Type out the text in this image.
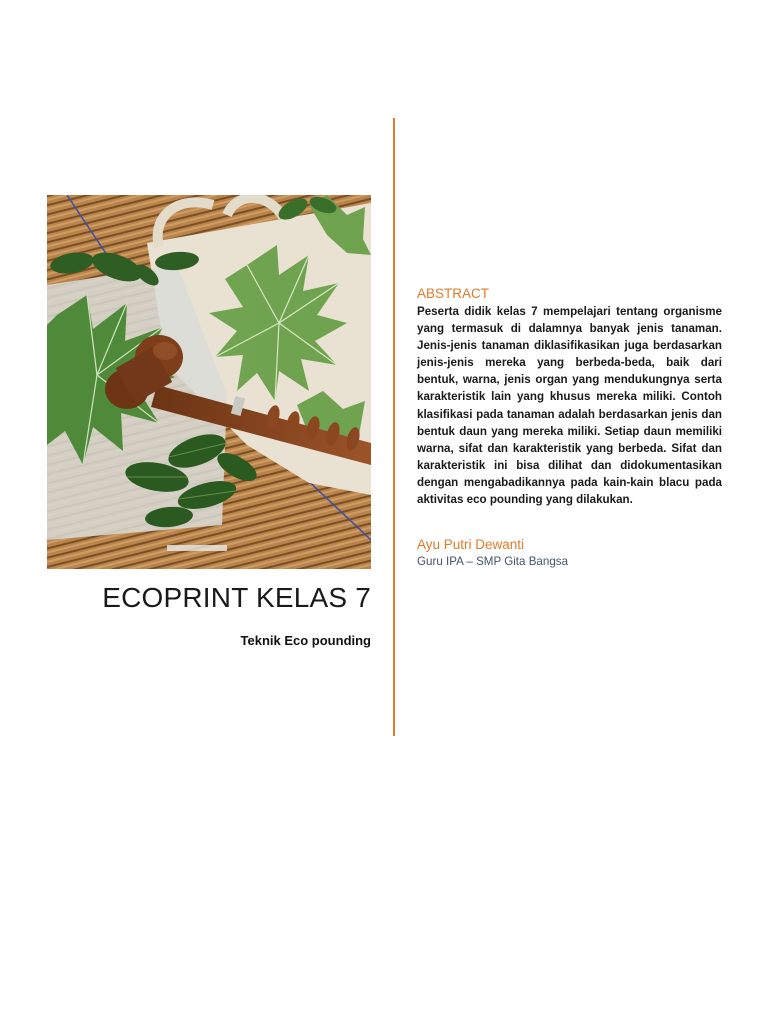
ECOPRINT KELAS 7
Teknik Eco pounding
ABSTRACT

Peserta didik kelas 7 mempelajari tentang organisme yang termasuk di dalamnya banyak jenis tanaman. Jenis-jenis tanaman diklasifikasikan juga berdasarkan jenis-jenis mereka yang berbeda-beda, baik dari bentuk, warna, jenis organ yang mendukungnya serta karakteristik lain yang khusus mereka miliki. Contoh klasifikasi pada tanaman adalah berdasarkan jenis dan bentuk daun yang mereka miliki. Setiap daun memiliki warna, sifat dan karakteristik yang berbeda. Sifat dan karakteristik ini bisa dilihat dan didokumentasikan dengan mengabadikannya pada kain-kain blacu pada aktivitas eco pounding yang dilakukan.

Ayu Putri Dewanti
Guru IPA – SMP Gita Bangsa
